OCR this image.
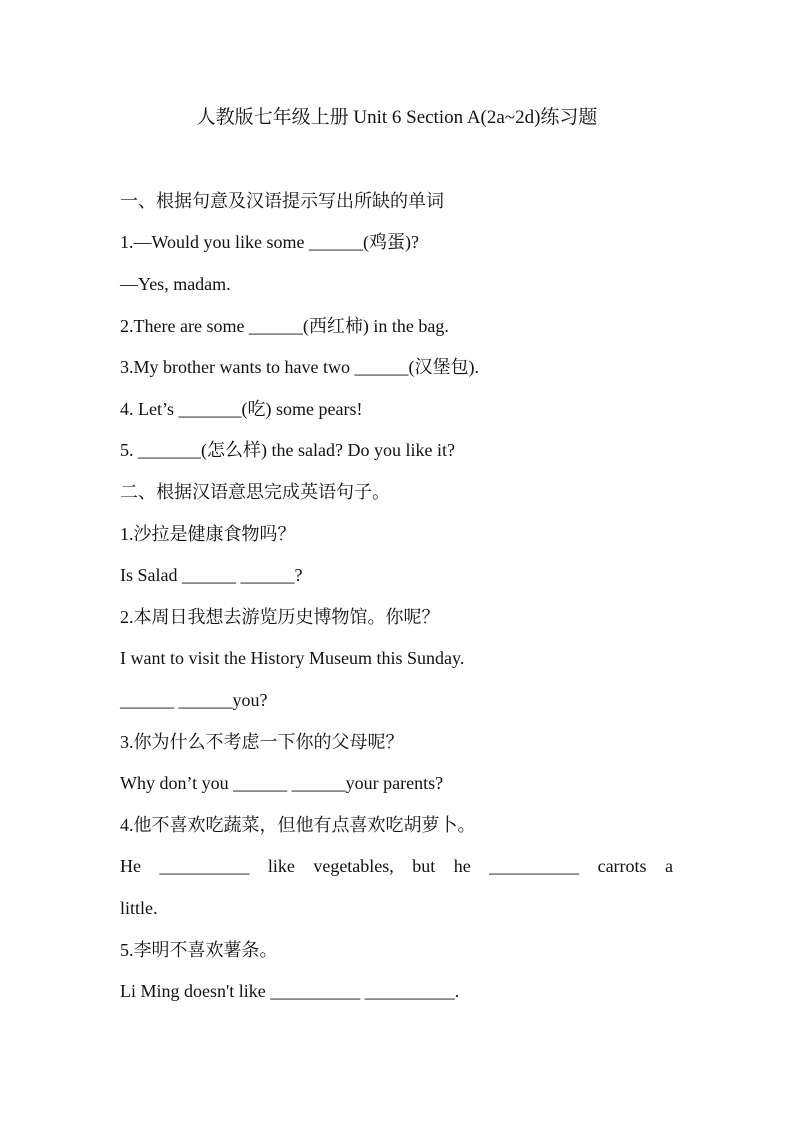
人教版七年级上册 Unit 6 Section A(2a~2d)练习题
一、根据句意及汉语提示写出所缺的单词
1.—Would you like some ______(鸡蛋)?
—Yes, madam.
2.There are some ______(西红柿) in the bag.
3.My brother wants to have two ______(汉堡包).
4. Let’s _______(吃) some pears!
5. _______(怎么样) the salad? Do you like it?
二、根据汉语意思完成英语句子。
1.沙拉是健康食物吗？
Is Salad ______ ______?
2.本周日我想去游览历史博物馆。你呢？
I want to visit the History Museum this Sunday.
______ ______you?
3.你为什么不考虑一下你的父母呢？
Why don’t you ______ ______your parents?
4.他不喜欢吃蔬菜，但他有点喜欢吃胡萝卜。
He __________ like vegetables, but he __________ carrots a
little.
5.李明不喜欢薯条。
Li Ming doesn't like __________ __________.
